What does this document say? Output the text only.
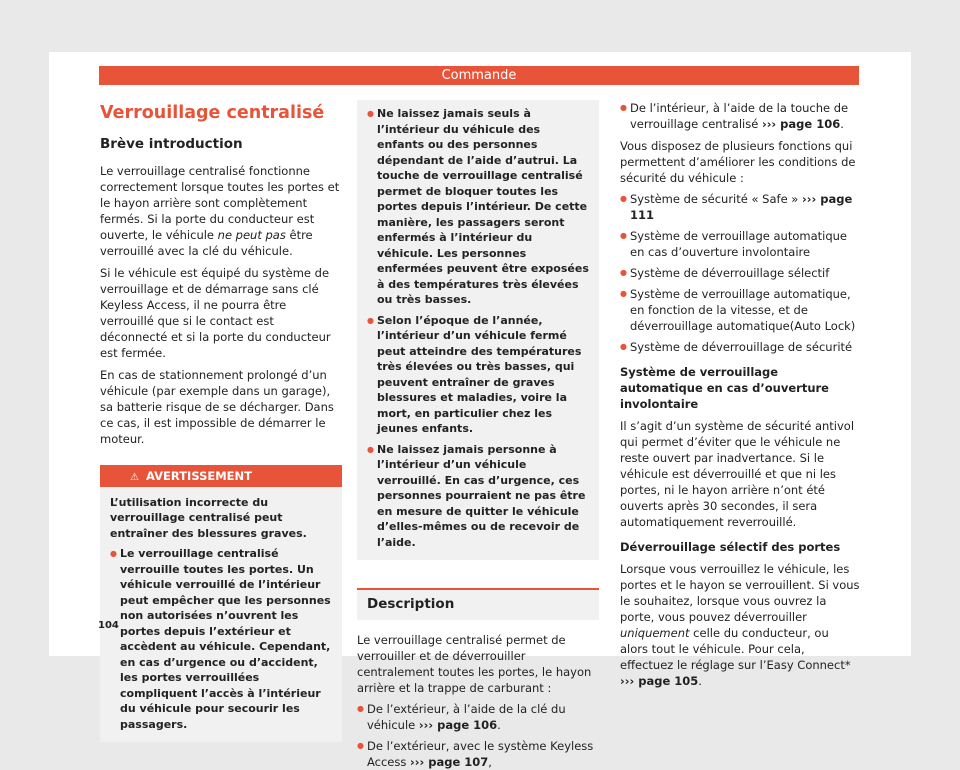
Commande
Verrouillage centralisé
Brève introduction

Le verrouillage centralisé fonctionne correctement lorsque toutes les portes et le hayon arrière sont complètement fermés. Si la porte du conducteur est ouverte, le véhicule ne peut pas être verrouillé avec la clé du véhicule.

Si le véhicule est équipé du système de verrouillage et de démarrage sans clé Keyless Access, il ne pourra être verrouillé que si le contact est déconnecté et si la porte du conducteur est fermée.

En cas de stationnement prolongé d’un véhicule (par exemple dans un garage), sa batterie risque de se décharger. Dans ce cas, il est impossible de démarrer le moteur.

⚠ AVERTISSEMENT
L’utilisation incorrecte du verrouillage centralisé peut entraîner des blessures graves.
● Le verrouillage centralisé verrouille toutes les portes. Un véhicule verrouillé de l’intérieur peut empêcher que les personnes non autorisées n’ouvrent les portes depuis l’extérieur et accèdent au véhicule. Cependant, en cas d’urgence ou d’accident, les portes verrouillées compliquent l’accès à l’intérieur du véhicule pour secourir les passagers.
● Ne laissez jamais seuls à l’intérieur du véhicule des enfants ou des personnes dépendant de l’aide d’autrui. La touche de verrouillage centralisé permet de bloquer toutes les portes depuis l’intérieur. De cette manière, les passagers seront enfermés à l’intérieur du véhicule. Les personnes enfermées peuvent être exposées à des températures très élevées ou très basses.
● Selon l’époque de l’année, l’intérieur d’un véhicule fermé peut atteindre des températures très élevées ou très basses, qui peuvent entraîner de graves blessures et maladies, voire la mort, en particulier chez les jeunes enfants.
● Ne laissez jamais personne à l’intérieur d’un véhicule verrouillé. En cas d’urgence, ces personnes pourraient ne pas être en mesure de quitter le véhicule d’elles-mêmes ou de recevoir de l’aide.
Description

Le verrouillage centralisé permet de verrouiller et de déverrouiller centralement toutes les portes, le hayon arrière et la trappe de carburant :

● De l’extérieur, à l’aide de la clé du véhicule ››› page 106.
● De l’extérieur, avec le système Keyless Access ››› page 107,
● De l’intérieur, à l’aide de la touche de verrouillage centralisé ››› page 106.

Vous disposez de plusieurs fonctions qui permettent d’améliorer les conditions de sécurité du véhicule :

● Système de sécurité « Safe » ››› page 111
● Système de verrouillage automatique en cas d’ouverture involontaire
● Système de déverrouillage sélectif
● Système de verrouillage automatique, en fonction de la vitesse, et de déverrouillage automatique(Auto Lock)
● Système de déverrouillage de sécurité
Système de verrouillage automatique en cas d’ouverture involontaire

Il s’agit d’un système de sécurité antivol qui permet d’éviter que le véhicule ne reste ouvert par inadvertance. Si le véhicule est déverrouillé et que ni les portes, ni le hayon arrière n’ont été ouverts après 30 secondes, il sera automatiquement reverrouillé.

Déverrouillage sélectif des portes

Lorsque vous verrouillez le véhicule, les portes et le hayon se verrouillent. Si vous le souhaitez, lorsque vous ouvrez la porte, vous pouvez déverrouiller uniquement celle du conducteur, ou alors tout le véhicule. Pour cela, effectuez le réglage sur l’Easy Connect* ››› page 105.

104
